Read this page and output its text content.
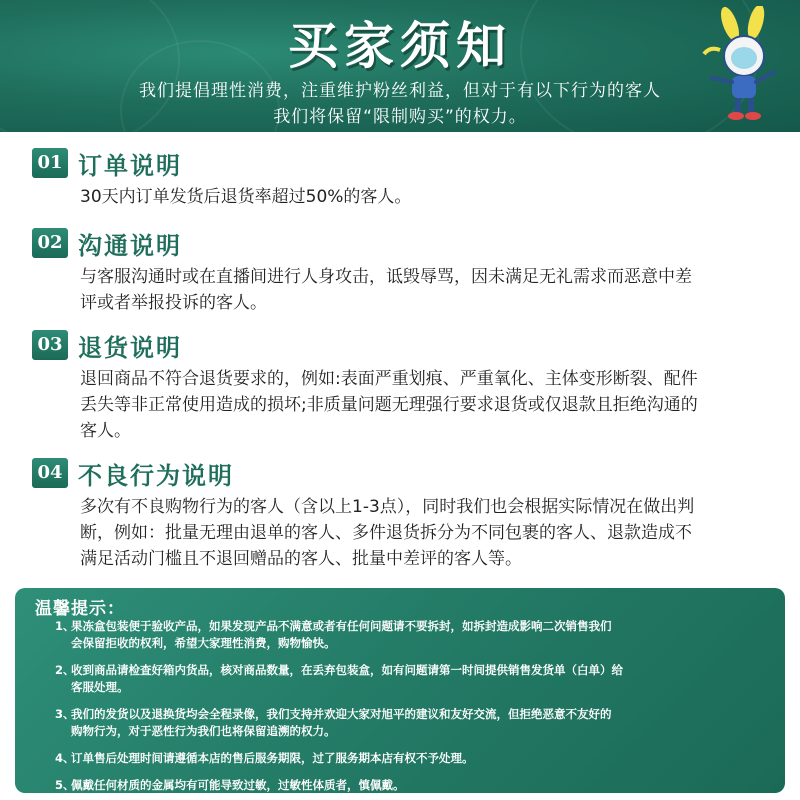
买家须知
我们提倡理性消费，注重维护粉丝利益，但对于有以下行为的客人
我们将保留“限制购买”的权力。
01 订单说明
30天内订单发货后退货率超过50%的客人。
02 沟通说明
与客服沟通时或在直播间进行人身攻击，诋毁辱骂，因未满足无礼需求而恶意中差
评或者举报投诉的客人。
03 退货说明
退回商品不符合退货要求的，例如:表面严重划痕、严重氧化、主体变形断裂、配件
丢失等非正常使用造成的损坏;非质量问题无理强行要求退货或仅退款且拒绝沟通的
客人。
04 不良行为说明
多次有不良购物行为的客人（含以上1-3点），同时我们也会根据实际情况在做出判
断，例如：批量无理由退单的客人、多件退货拆分为不同包裹的客人、退款造成不
满足活动门槛且不退回赠品的客人、批量中差评的客人等。
温馨提示：
1、
果冻盒包装便于验收产品，如果发现产品不满意或者有任何问题请不要拆封，如拆封造成影响二次销售我们
会保留拒收的权利，希望大家理性消费，购物愉快。
2、
收到商品请检查好箱内货品，核对商品数量，在丢弃包装盒，如有问题请第一时间提供销售发货单（白单）给
客服处理。
3、
我们的发货以及退换货均会全程录像，我们支持并欢迎大家对旭平的建议和友好交流，但拒绝恶意不友好的
购物行为，对于恶性行为我们也将保留追溯的权力。
4、
订单售后处理时间请遵循本店的售后服务期限，过了服务期本店有权不予处理。
5、
佩戴任何材质的金属均有可能导致过敏，过敏性体质者，慎佩戴。
